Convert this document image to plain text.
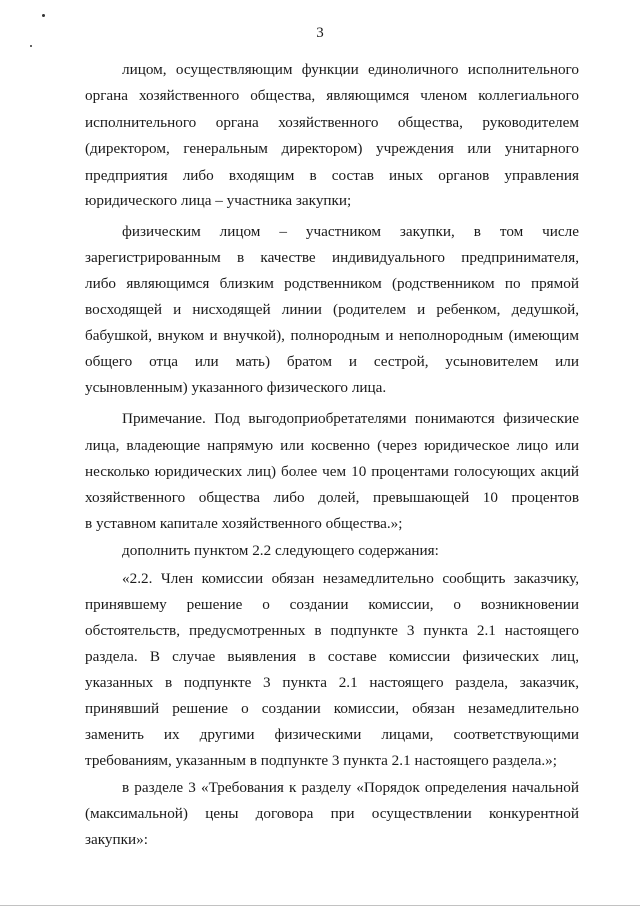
3
лицом, осуществляющим функции единоличного исполнительного
органа хозяйственного общества, являющимся членом коллегиального
исполнительного органа хозяйственного общества, руководителем
(директором, генеральным директором) учреждения или унитарного
предприятия либо входящим в состав иных органов управления
юридического лица – участника закупки;
физическим лицом – участником закупки, в том числе
зарегистрированным в качестве индивидуального предпринимателя,
либо являющимся близким родственником (родственником по прямой
восходящей и нисходящей линии (родителем и ребенком, дедушкой,
бабушкой, внуком и внучкой), полнородным и неполнородным (имеющим
общего отца или мать) братом и сестрой, усыновителем или
усыновленным) указанного физического лица.
Примечание. Под выгодоприобретателями понимаются физические
лица, владеющие напрямую или косвенно (через юридическое лицо или
несколько юридических лиц) более чем 10 процентами голосующих акций
хозяйственного общества либо долей, превышающей 10 процентов
в уставном капитале хозяйственного общества.»;
дополнить пунктом 2.2 следующего содержания:
«2.2. Член комиссии обязан незамедлительно сообщить заказчику,
принявшему решение о создании комиссии, о возникновении
обстоятельств, предусмотренных в подпункте 3 пункта 2.1 настоящего
раздела. В случае выявления в составе комиссии физических лиц,
указанных в подпункте 3 пункта 2.1 настоящего раздела, заказчик,
принявший решение о создании комиссии, обязан незамедлительно
заменить их другими физическими лицами, соответствующими
требованиям, указанным в подпункте 3 пункта 2.1 настоящего раздела.»;
в разделе 3 «Требования к разделу «Порядок определения начальной
(максимальной) цены договора при осуществлении конкурентной
закупки»:
